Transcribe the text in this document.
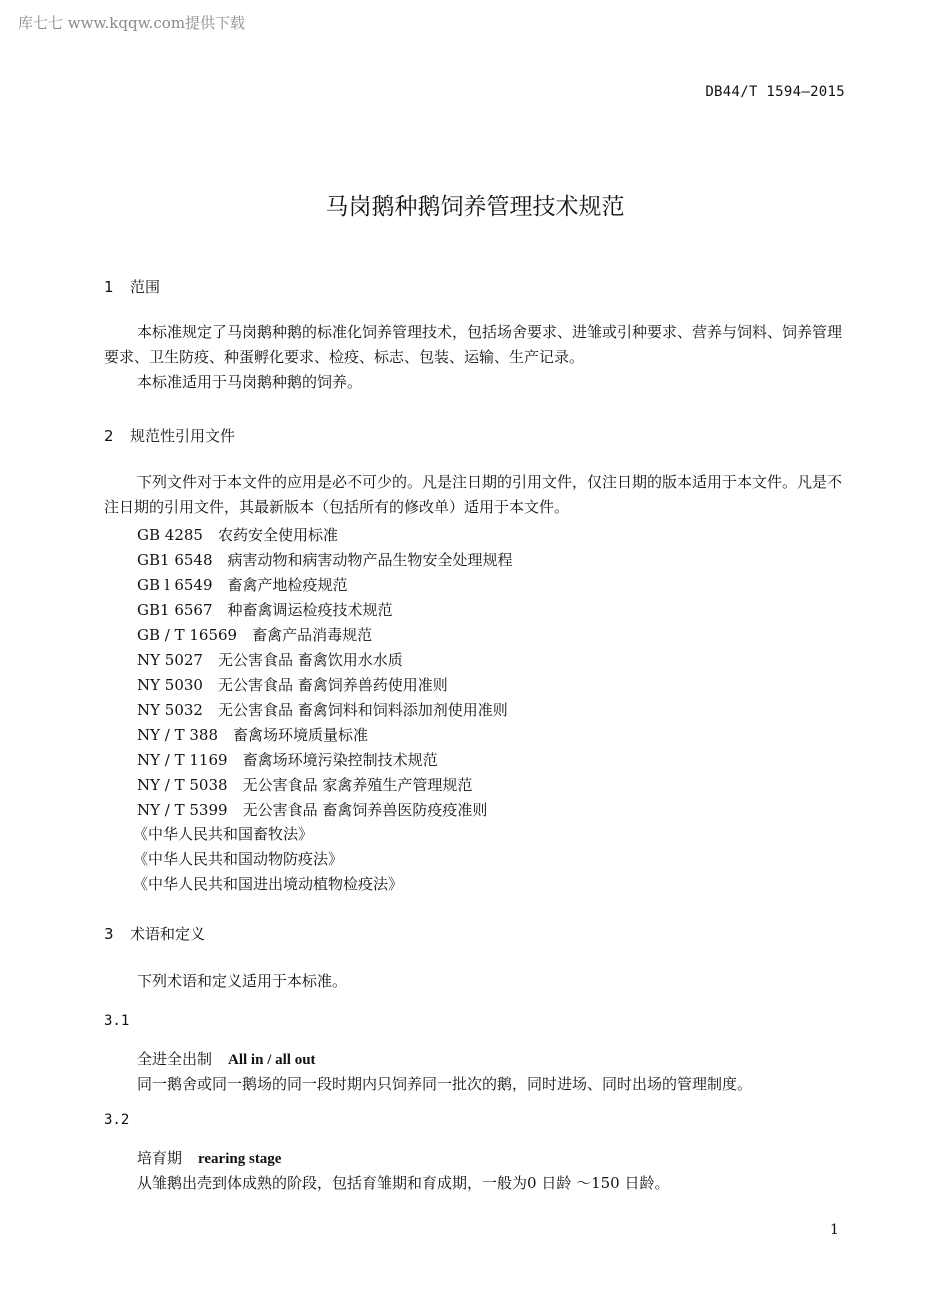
库七七 www.kqqw.com提供下载
DB44/T 1594—2015
马岗鹅种鹅饲养管理技术规范
1 范围
本标准规定了马岗鹅种鹅的标准化饲养管理技术，包括场舍要求、进雏或引种要求、营养与饲料、饲养管理要求、卫生防疫、种蛋孵化要求、检疫、标志、包装、运输、生产记录。
本标准适用于马岗鹅种鹅的饲养。
2 规范性引用文件
下列文件对于本文件的应用是必不可少的。凡是注日期的引用文件，仅注日期的版本适用于本文件。凡是不注日期的引用文件，其最新版本（包括所有的修改单）适用于本文件。
GB 4285 农药安全使用标准
GB1 6548 病害动物和病害动物产品生物安全处理规程
GB l 6549 畜禽产地检疫规范
GB1 6567 种畜禽调运检疫技术规范
GB / T 16569 畜禽产品消毒规范
NY 5027 无公害食品 畜禽饮用水水质
NY 5030 无公害食品 畜禽饲养兽药使用准则
NY 5032 无公害食品 畜禽饲料和饲料添加剂使用准则
NY / T 388 畜禽场环境质量标准
NY / T 1169 畜禽场环境污染控制技术规范
NY / T 5038 无公害食品 家禽养殖生产管理规范
NY / T 5399 无公害食品 畜禽饲养兽医防疫疫准则
《中华人民共和国畜牧法》
《中华人民共和国动物防疫法》
《中华人民共和国进出境动植物检疫法》
3 术语和定义
下列术语和定义适用于本标准。
3.1
全进全出制 All in / all out
同一鹅舍或同一鹅场的同一段时期内只饲养同一批次的鹅，同时进场、同时出场的管理制度。
3.2
培育期 rearing stage
从雏鹅出壳到体成熟的阶段，包括育雏期和育成期，一般为0 日龄 ～150 日龄。
1
